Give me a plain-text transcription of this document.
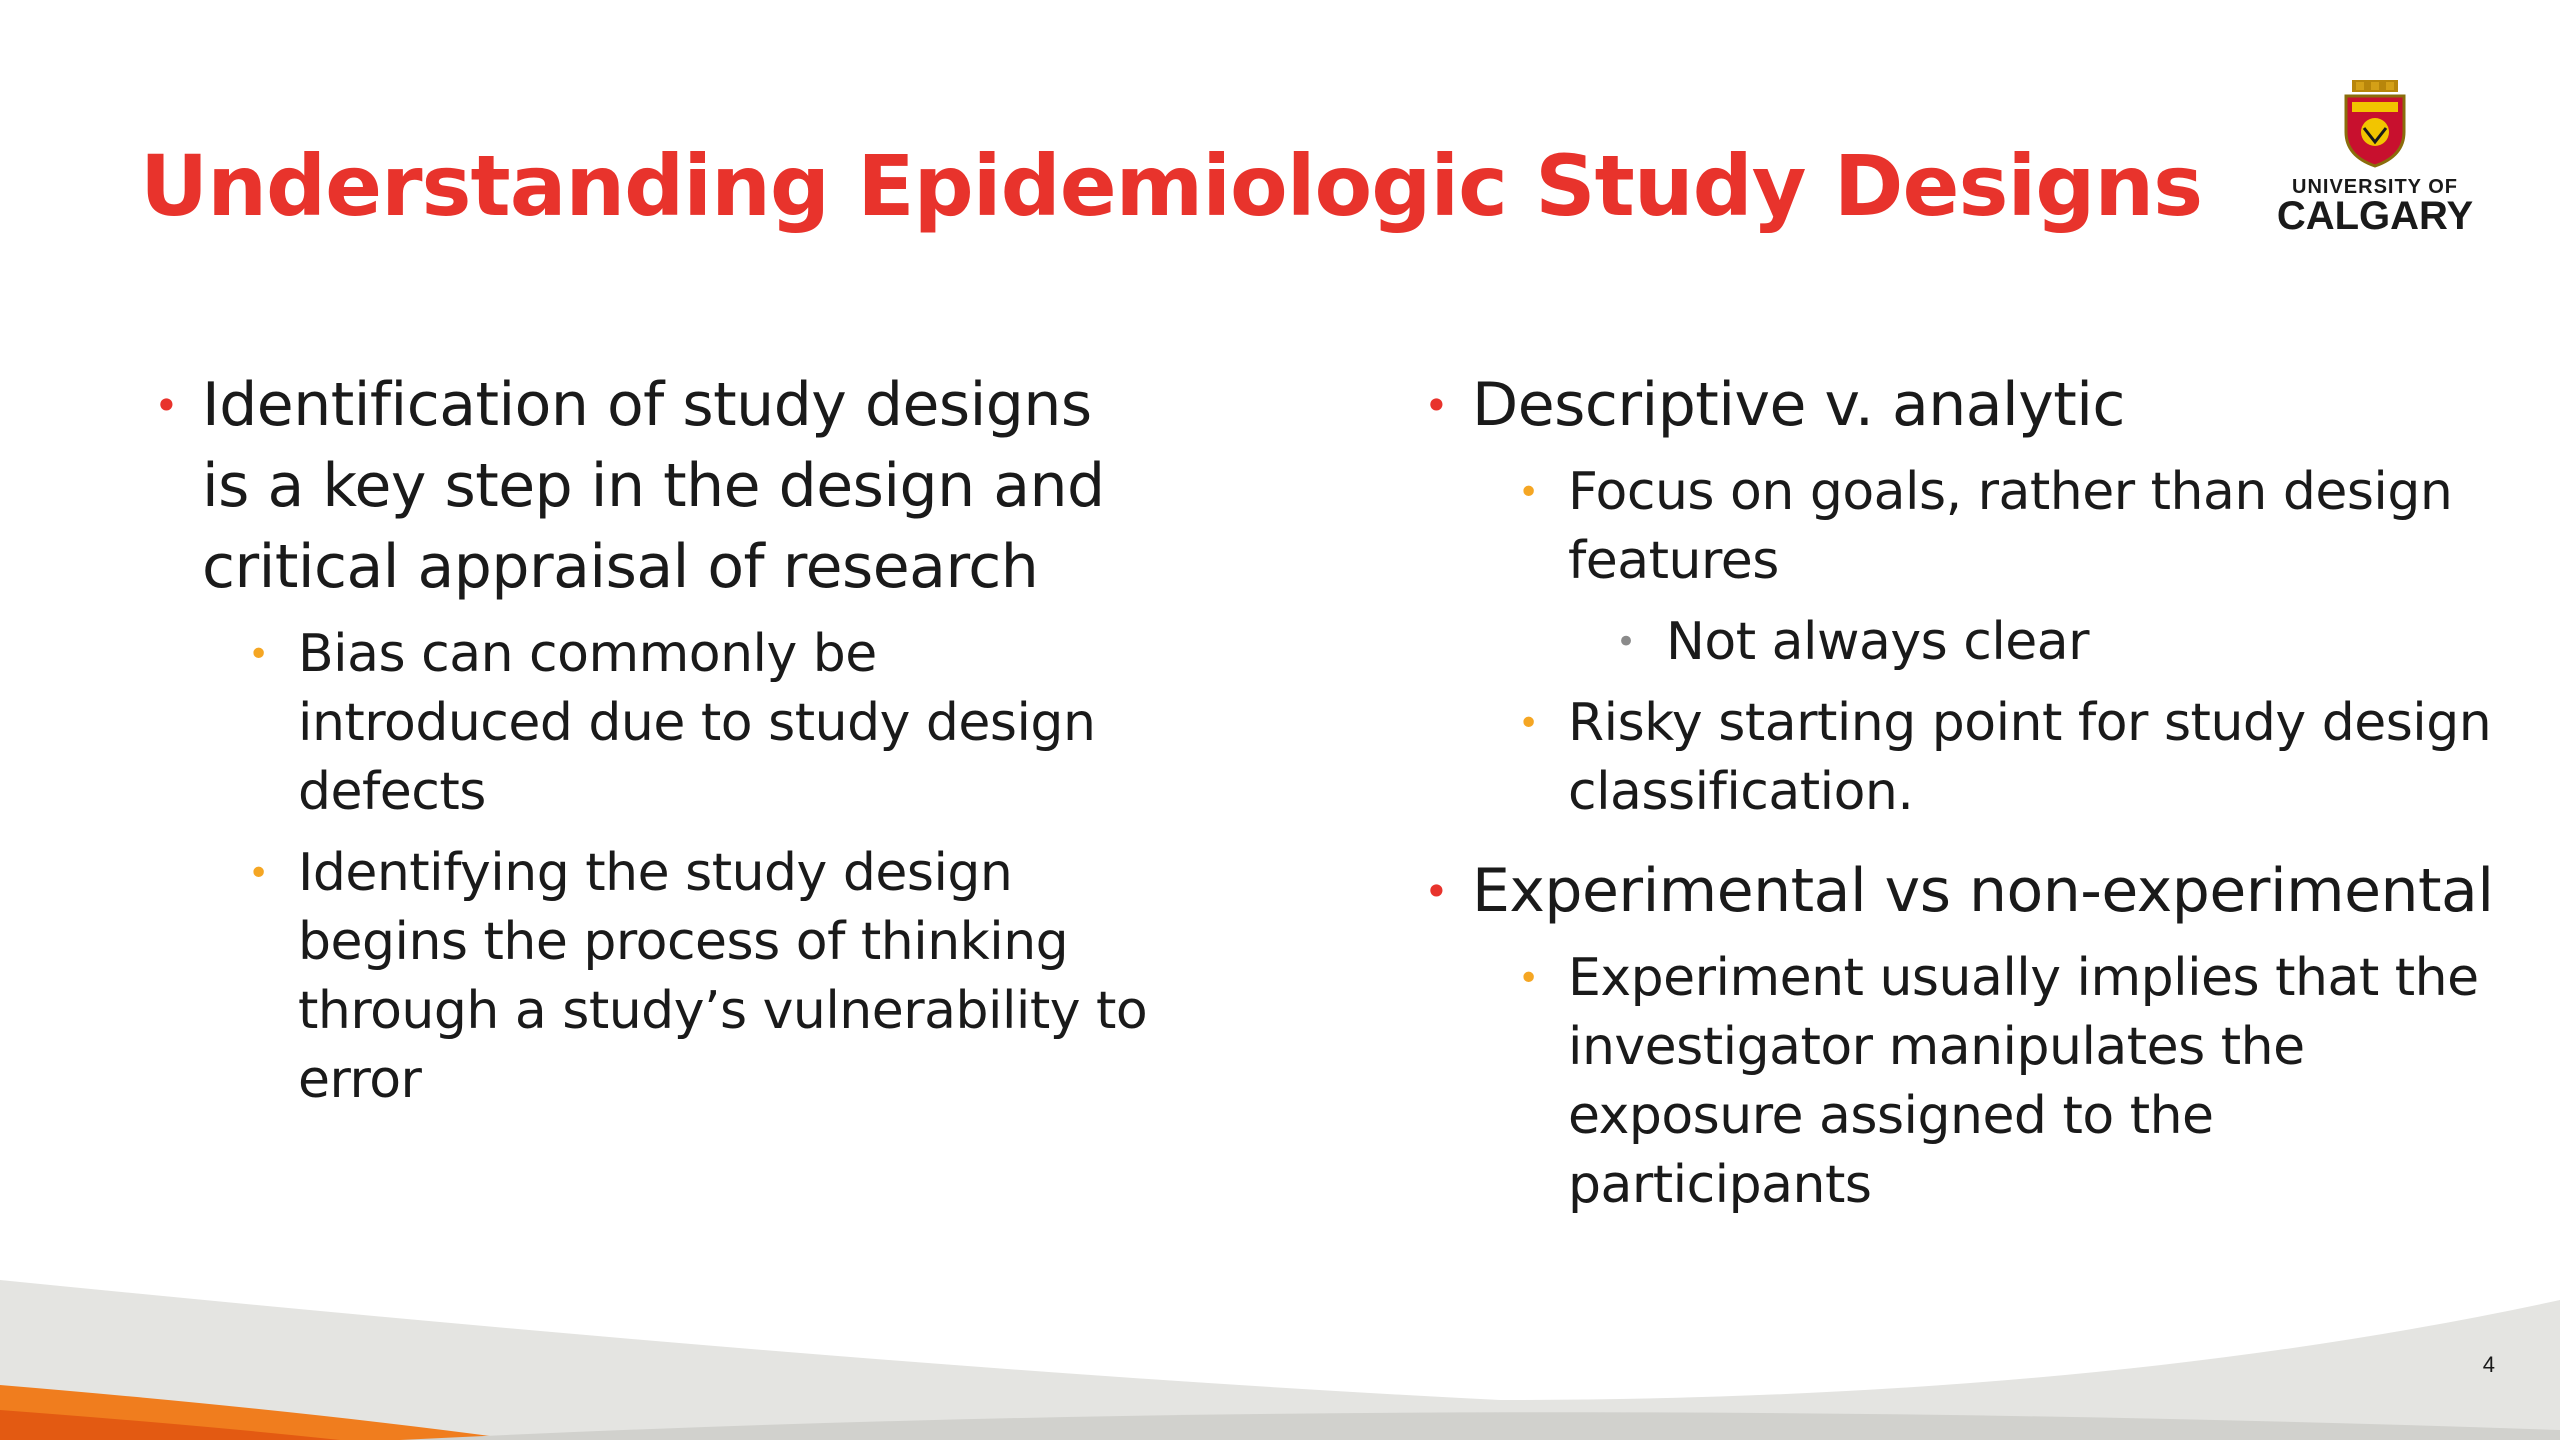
Understanding Epidemiologic Study Designs	UNIVERSITY OF
CALGARY
• Identification of study designs is a key step in the design and critical appraisal of research
• Bias can commonly be introduced due to study design defects
• Identifying the study design begins the process of thinking through a study’s vulnerability to error
• Descriptive v. analytic
• Focus on goals, rather than design features
• Not always clear
• Risky starting point for study design classification.
• Experimental vs non-experimental
• Experiment usually implies that the investigator manipulates the exposure assigned to the participants
4
